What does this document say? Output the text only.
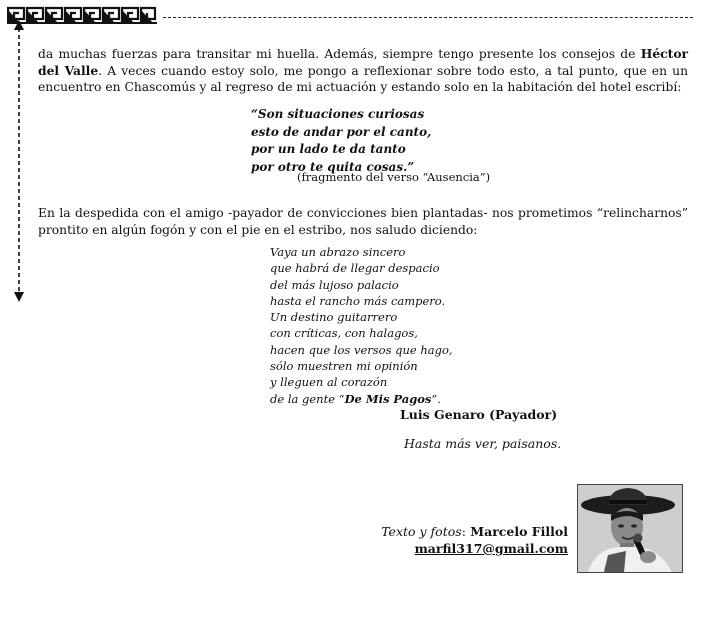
da muchas fuerzas para transitar mi huella. Además, siempre tengo presente los consejos de Héctor del Valle. A veces cuando estoy solo, me pongo a reflexionar sobre todo esto, a tal punto, que en un encuentro en Chascomús y al regreso de mi actuación y estando solo en la habitación del hotel escribí:
“Son situaciones curiosas
esto de andar por el canto,
por un lado te da tanto
por otro te quita cosas.”
(fragmento del verso “Ausencia”)
En la despedida con el amigo -payador de convicciones bien plantadas- nos prometimos “relincharnos” prontito en algún fogón y con el pie en el estribo, nos saludo diciendo:
Vaya un abrazo sincero
que habrá de llegar despacio
del más lujoso palacio
hasta el rancho más campero.
Un destino guitarrero
con críticas, con halagos,
hacen que los versos que hago,
sólo muestren mi opinión
y lleguen al corazón
de la gente “De Mis Pagos”.
Luis Genaro (Payador)
Hasta más ver, paisanos.
Texto y fotos: Marcelo Fillol
marfil317@gmail.com
